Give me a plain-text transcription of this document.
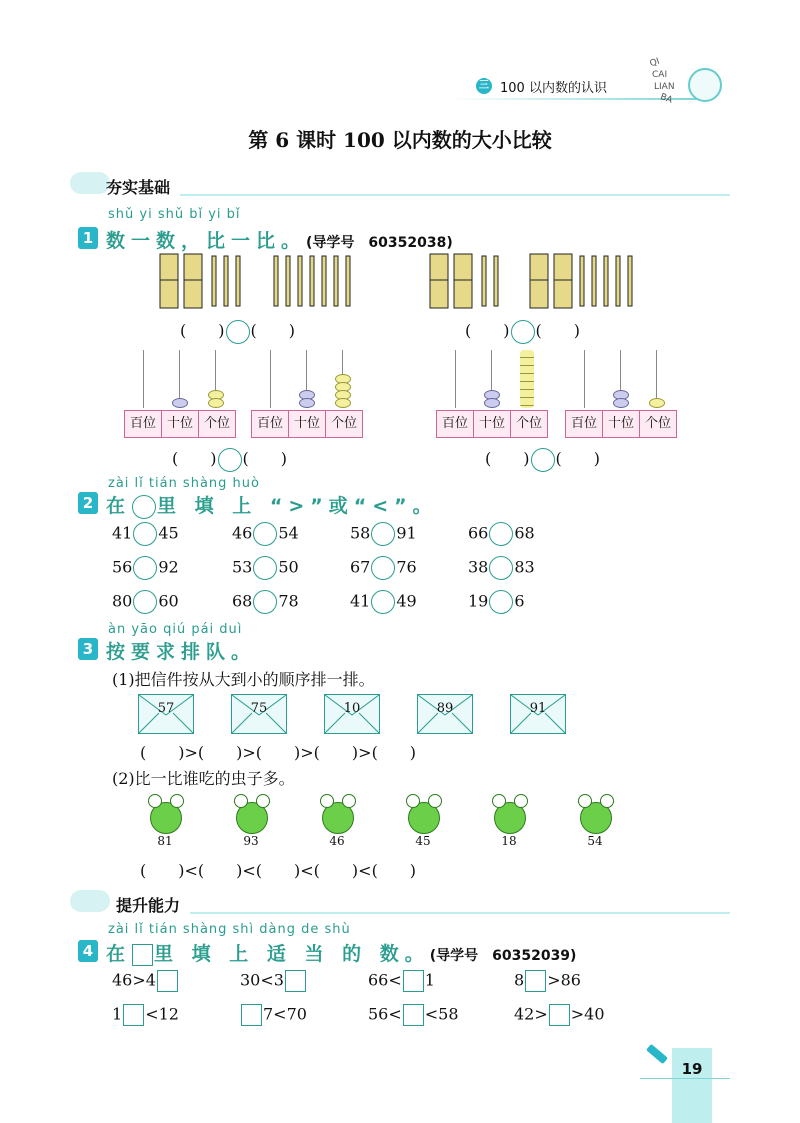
三 100 以内数的认识
QI
CAI
LIAN
BA
第 6 课时 100 以内数的大小比较
夯实基础
shǔ yi shǔ bǐ yi bǐ
1 数一数，比一比。(导学号　60352038)
(　　) (　　)	(　　) (　　)
百位 十位 个位	百位 十位 个位	百位 十位 个位	百位 十位 个位
(　　) (　　)	(　　) (　　)
zài lǐ tián shàng huò
2 在 里 填 上 “>”或“<”。
41 45	46 54	58 91	66 68
56 92	53 50	67 76	38 83
80 60	68 78	41 49	19 6
àn yāo qiú pái duì
3 按要求排队。
(1)把信件按从大到小的顺序排一排。
57	75	10	89	91
(　　)>(　　)>(　　)>(　　)>(　　)
(2)比一比谁吃的虫子多。
81	93	46	45	18	54
(　　)<(　　)<(　　)<(　　)<(　　)
提升能力
zài lǐ tián shàng shì dàng de shù
4 在 里 填 上 适 当 的 数。(导学号　60352039)
46>4	30<3	66< 1	8 >86
1 <12	7<70	56< <58	42> >40
19
